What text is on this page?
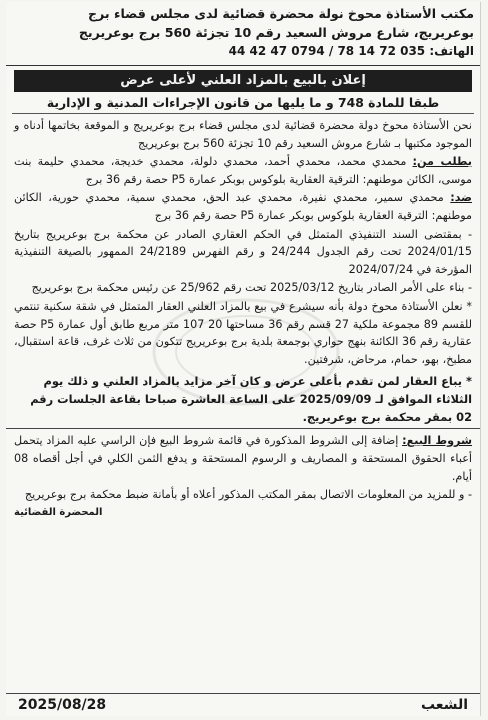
مكتب الأستاذة محوخ نولة محضرة قضائية لدى مجلس قضاء برج
بوعريريج، شارع مروش السعيد رقم 10 تجزئة 560 برج بوعريريج
الهاتف: 035 72 14 78 / 0794 47 42 44
إعلان بالبيع بالمزاد العلني لأعلى عرض
طبقا للمادة 748 و ما يليها من قانون الإجراءات المدنية و الإدارية

نحن الأستاذة محوخ دولة محضرة قضائية لدى مجلس قضاء برج بوعريريج و الموقعة بخاتمها أدناه و الموجود مكتبها بـ شارع مروش السعيد رقم 10 تجزئة 560 برج بوعريريج

بطلب من: محمدي محمد، محمدي أحمد، محمدي دلولة، محمدي خديجة، محمدي حليمة بنت موسى، الكائن موطنهم: الترقية العقارية بلوكوس بوبكر عمارة P5 حصة رقم 36 برج

ضد: محمدي سمير، محمدي نفيرة، محمدي عبد الحق، محمدي سمية، محمدي حورية، الكائن موطنهم: الترقية العقارية بلوكوس بوبكر عمارة P5 حصة رقم 36 برج

- بمقتضى السند التنفيذي المتمثل في الحكم العقاري الصادر عن محكمة برج بوعريريج بتاريخ 2024/01/15 تحت رقم الجدول 24/244 و رقم الفهرس 24/2189 الممهور بالصيغة التنفيذية المؤرخة في 2024/07/24

- بناء على الأمر الصادر بتاريخ 2025/03/12 تحت رقم 25/962 عن رئيس محكمة برج بوعريريج

* نعلن الأستاذة محوخ دولة بأنه سيشرع في بيع بالمزاد العلني العقار المتمثل في شقة سكنية تنتمي للقسم 89 مجموعة ملكية 27 قسم رقم 36 مساحتها 20 107 متر مربع طابق أول عمارة P5 حصة عقارية رقم 36 الكائنة بنهج حواري بوجمعة بلدية برج بوعريريج تتكون من ثلاث غرف، قاعة استقبال، مطبخ، بهو، حمام، مرحاض، شرفتين.

* يباع العقار لمن تقدم بأعلى عرض و كان آخر مزايد بالمزاد العلني و ذلك يوم الثلاثاء الموافق لـ 2025/09/09 على الساعة العاشرة صباحا بقاعة الجلسات رقم 02 بمقر محكمة برج بوعريريج.

شروط البيع: إضافة إلى الشروط المذكورة في قائمة شروط البيع فإن الراسي عليه المزاد يتحمل أعباء الحقوق المستحقة و المصاريف و الرسوم المستحقة و يدفع الثمن الكلي في أجل أقصاه 08 أيام.

- و للمزيد من المعلومات الاتصال بمقر المكتب المذكور أعلاه أو بأمانة ضبط محكمة برج بوعريريج

المحضرة القضائية
الشعب
2025/08/28
